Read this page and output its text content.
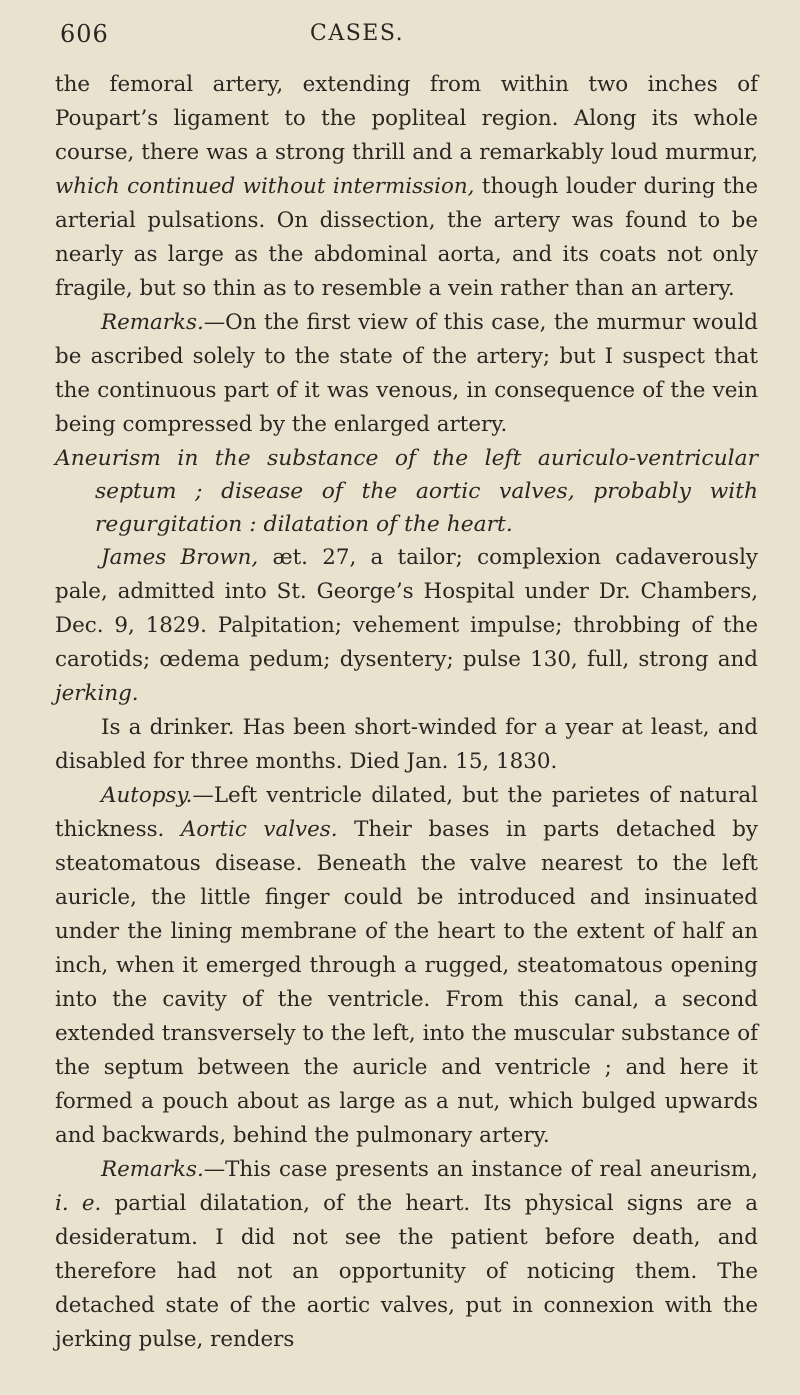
606	CASES.

the femoral artery, extending from within two inches of Poupart’s ligament to the popliteal region. Along its whole course, there was a strong thrill and a remarkably loud murmur, which continued without intermission, though louder during the arterial pulsations. On dissection, the artery was found to be nearly as large as the abdominal aorta, and its coats not only fragile, but so thin as to resemble a vein rather than an artery.

Remarks.—On the first view of this case, the murmur would be ascribed solely to the state of the artery; but I suspect that the continuous part of it was venous, in consequence of the vein being compressed by the enlarged artery.

Aneurism in the substance of the left auriculo-ventricular septum ; disease of the aortic valves, probably with regurgitation : dilatation of the heart.

James Brown, æt. 27, a tailor; complexion cadaverously pale, admitted into St. George’s Hospital under Dr. Chambers, Dec. 9, 1829. Palpitation; vehement impulse; throbbing of the carotids; œdema pedum; dysentery; pulse 130, full, strong and jerking.

Is a drinker. Has been short-winded for a year at least, and disabled for three months. Died Jan. 15, 1830.

Autopsy.—Left ventricle dilated, but the parietes of natural thickness. Aortic valves. Their bases in parts detached by steatomatous disease. Beneath the valve nearest to the left auricle, the little finger could be introduced and insinuated under the lining membrane of the heart to the extent of half an inch, when it emerged through a rugged, steatomatous opening into the cavity of the ventricle. From this canal, a second extended transversely to the left, into the muscular substance of the septum between the auricle and ventricle ; and here it formed a pouch about as large as a nut, which bulged upwards and backwards, behind the pulmonary artery.

Remarks.—This case presents an instance of real aneurism, i. e. partial dilatation, of the heart. Its physical signs are a desideratum. I did not see the patient before death, and therefore had not an opportunity of noticing them. The detached state of the aortic valves, put in connexion with the jerking pulse, renders
